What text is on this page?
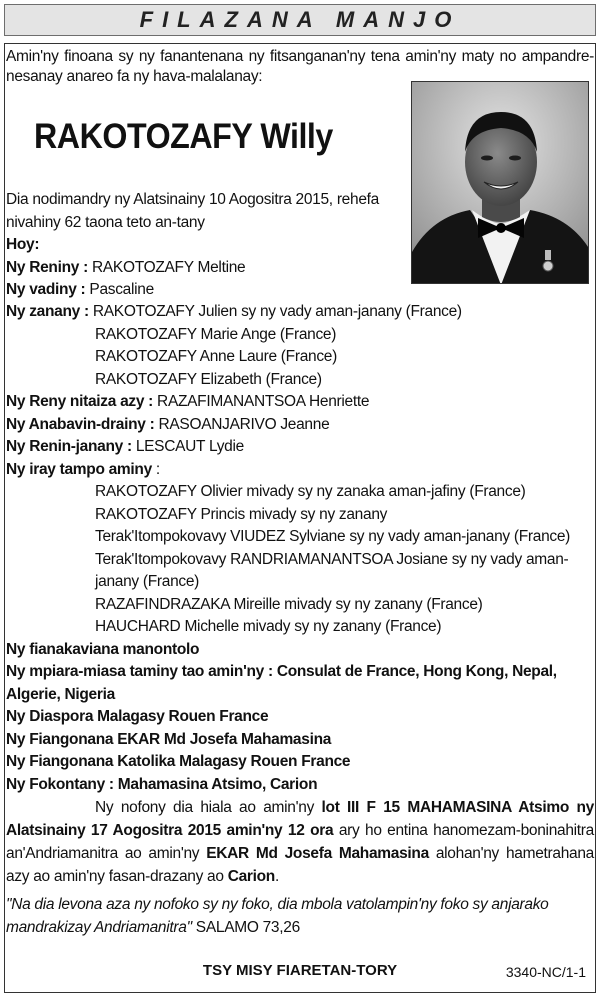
FILAZANA MANJO
Amin'ny finoana sy ny fanantenana ny fitsanganan'ny tena amin'ny maty no ampandre-nesanay anareo fa ny hava-malalanay:
RAKOTOZAFY Willy
Dia nodimandry ny Alatsinainy 10 Aogositra 2015, rehefa
nivahiny 62 taona teto an-tany
Hoy:
Ny Reniny : RAKOTOZAFY Meltine
Ny vadiny : Pascaline
Ny zanany : RAKOTOZAFY Julien sy ny vady aman-janany (France)
RAKOTOZAFY Marie Ange (France)
RAKOTOZAFY Anne Laure (France)
RAKOTOZAFY Elizabeth (France)
Ny Reny nitaiza azy : RAZAFIMANANTSOA Henriette
Ny Anabavin-drainy : RASOANJARIVO Jeanne
Ny Renin-janany : LESCAUT Lydie
Ny iray tampo aminy :
RAKOTOZAFY Olivier mivady sy ny zanaka aman-jafiny (France)
RAKOTOZAFY Princis mivady sy ny zanany
Terak'Itompokovavy VIUDEZ Sylviane sy ny vady aman-janany (France)
Terak'Itompokovavy RANDRIAMANANTSOA Josiane sy ny vady aman-
janany (France)
RAZAFINDRAZAKA Mireille mivady sy ny zanany (France)
HAUCHARD Michelle mivady sy ny zanany (France)
Ny fianakaviana manontolo
Ny mpiara-miasa taminy tao amin'ny : Consulat de France, Hong Kong, Nepal,
Algerie, Nigeria
Ny Diaspora Malagasy Rouen France
Ny Fiangonana EKAR Md Josefa Mahamasina
Ny Fiangonana Katolika Malagasy Rouen France
Ny Fokontany : Mahamasina Atsimo, Carion
Ny nofony dia hiala ao amin'ny lot III F 15 MAHAMASINA Atsimo ny Alatsinainy 17 Aogositra 2015 amin'ny 12 ora ary ho entina hanomezam-boninahitra an'Andriamanitra ao amin'ny EKAR Md Josefa Mahamasina alohan'ny hametrahana azy ao amin'ny fasan-drazany ao Carion.
"Na dia levona aza ny nofoko sy ny foko, dia mbola vatolampin'ny foko sy anjarako mandrakizay Andriamanitra" SALAMO 73,26
TSY MISY FIARETAN-TORY	3340-NC/1-1
